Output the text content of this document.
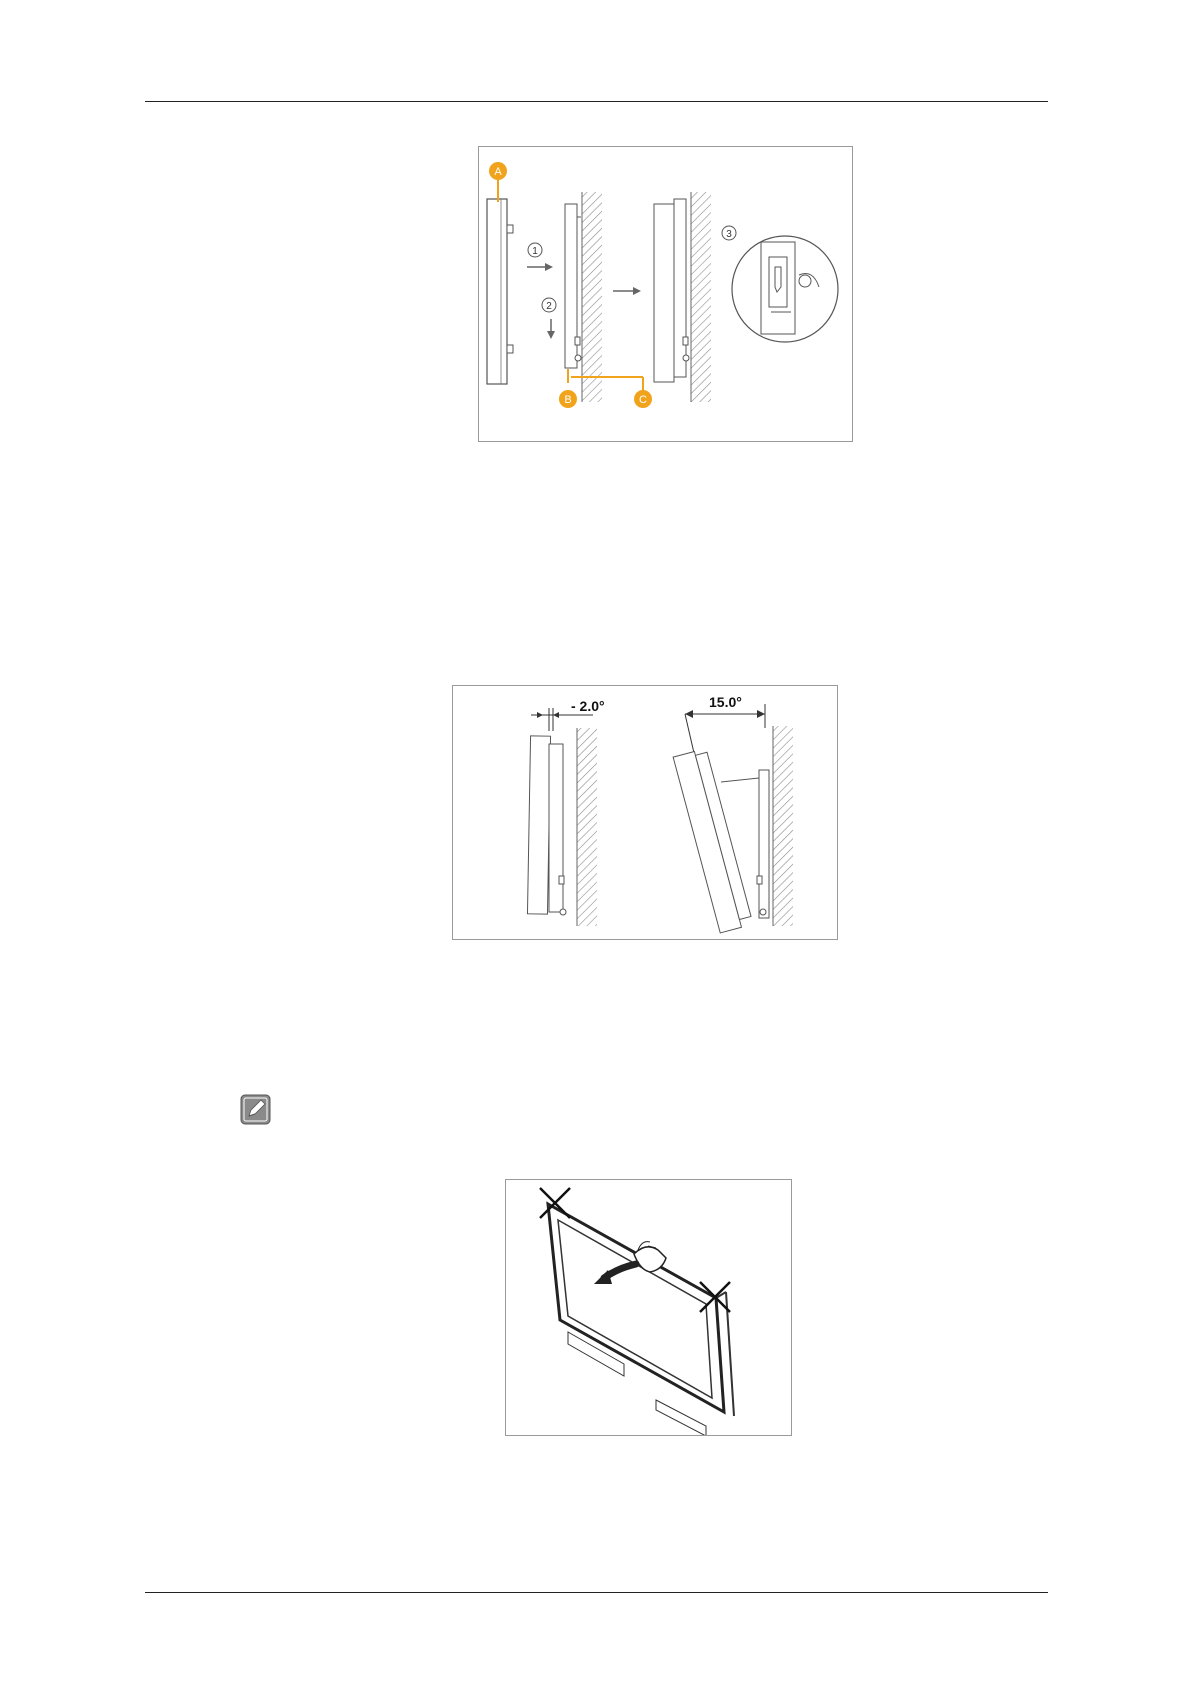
A
1
2
B	C
3
- 2.0°	15.0°
